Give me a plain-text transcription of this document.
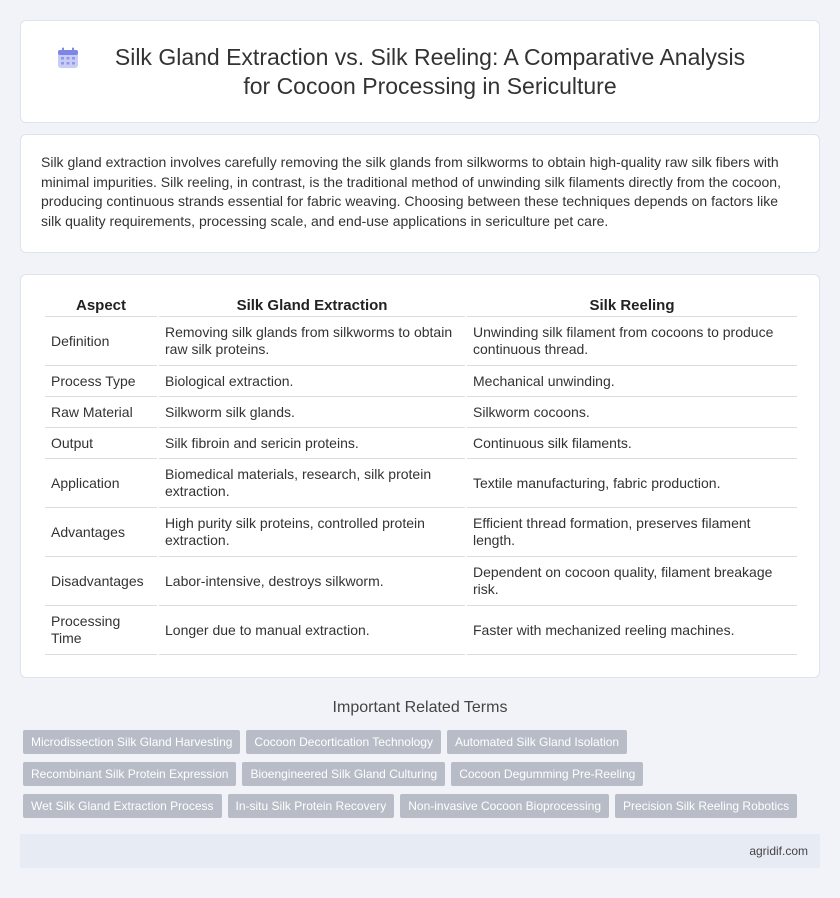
Silk Gland Extraction vs. Silk Reeling: A Comparative Analysis for Cocoon Processing in Sericulture

Silk gland extraction involves carefully removing the silk glands from silkworms to obtain high-quality raw silk fibers with minimal impurities. Silk reeling, in contrast, is the traditional method of unwinding silk filaments directly from the cocoon, producing continuous strands essential for fabric weaving. Choosing between these techniques depends on factors like silk quality requirements, processing scale, and end-use applications in sericulture pet care.

Aspect	Silk Gland Extraction	Silk Reeling
Definition	Removing silk glands from silkworms to obtain raw silk proteins.	Unwinding silk filament from cocoons to produce continuous thread.
Process Type	Biological extraction.	Mechanical unwinding.
Raw Material	Silkworm silk glands.	Silkworm cocoons.
Output	Silk fibroin and sericin proteins.	Continuous silk filaments.
Application	Biomedical materials, research, silk protein extraction.	Textile manufacturing, fabric production.
Advantages	High purity silk proteins, controlled protein extraction.	Efficient thread formation, preserves filament length.
Disadvantages	Labor-intensive, destroys silkworm.	Dependent on cocoon quality, filament breakage risk.
Processing Time	Longer due to manual extraction.	Faster with mechanized reeling machines.
Important Related Terms
Microdissection Silk Gland Harvesting	Cocoon Decortication Technology	Automated Silk Gland Isolation
Recombinant Silk Protein Expression	Bioengineered Silk Gland Culturing	Cocoon Degumming Pre-Reeling
Wet Silk Gland Extraction Process	In-situ Silk Protein Recovery	Non-invasive Cocoon Bioprocessing	Precision Silk Reeling Robotics
agridif.com
